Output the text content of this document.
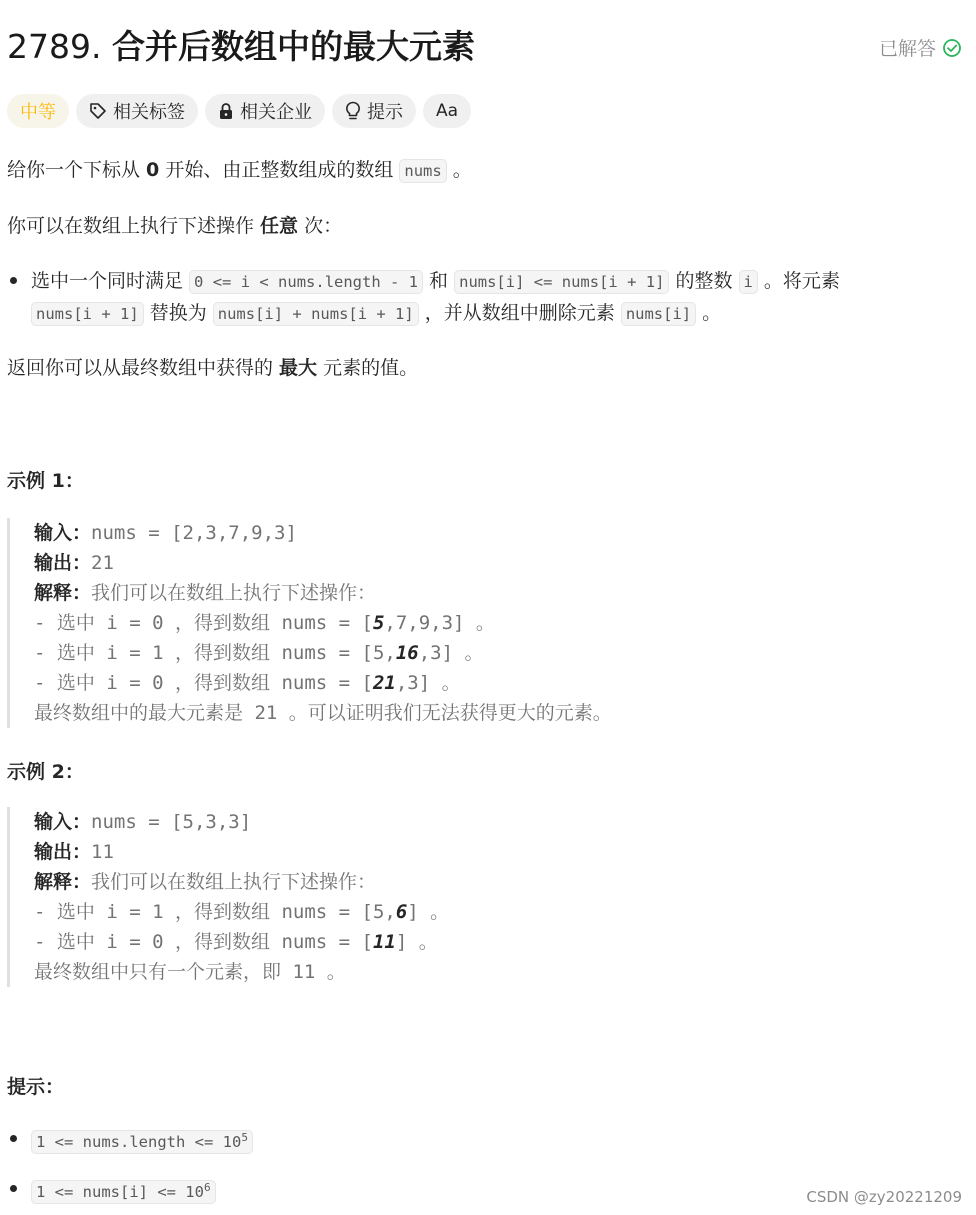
2789. 合并后数组中的最大元素	已解答
中等	相关标签	相关企业	提示 Aa
给你一个下标从 0 开始、由正整数组成的数组 nums 。
你可以在数组上执行下述操作 任意 次：
选中一个同时满足 0 <= i < nums.length - 1 和 nums[i] <= nums[i + 1] 的整数 i 。将元素
nums[i + 1] 替换为 nums[i] + nums[i + 1] ，并从数组中删除元素 nums[i] 。
返回你可以从最终数组中获得的 最大 元素的值。
示例 1：
输入：nums = [2,3,7,9,3]
输出：21
解释：我们可以在数组上执行下述操作：
- 选中 i = 0 ，得到数组 nums = [5,7,9,3] 。
- 选中 i = 1 ，得到数组 nums = [5,16,3] 。
- 选中 i = 0 ，得到数组 nums = [21,3] 。
最终数组中的最大元素是 21 。可以证明我们无法获得更大的元素。
示例 2：
输入：nums = [5,3,3]
输出：11
解释：我们可以在数组上执行下述操作：
- 选中 i = 1 ，得到数组 nums = [5,6] 。
- 选中 i = 0 ，得到数组 nums = [11] 。
最终数组中只有一个元素，即 11 。
提示：
1 <= nums.length <= $10^5$
1 <= nums[i] <= $10^6$
CSDN @zy20221209
